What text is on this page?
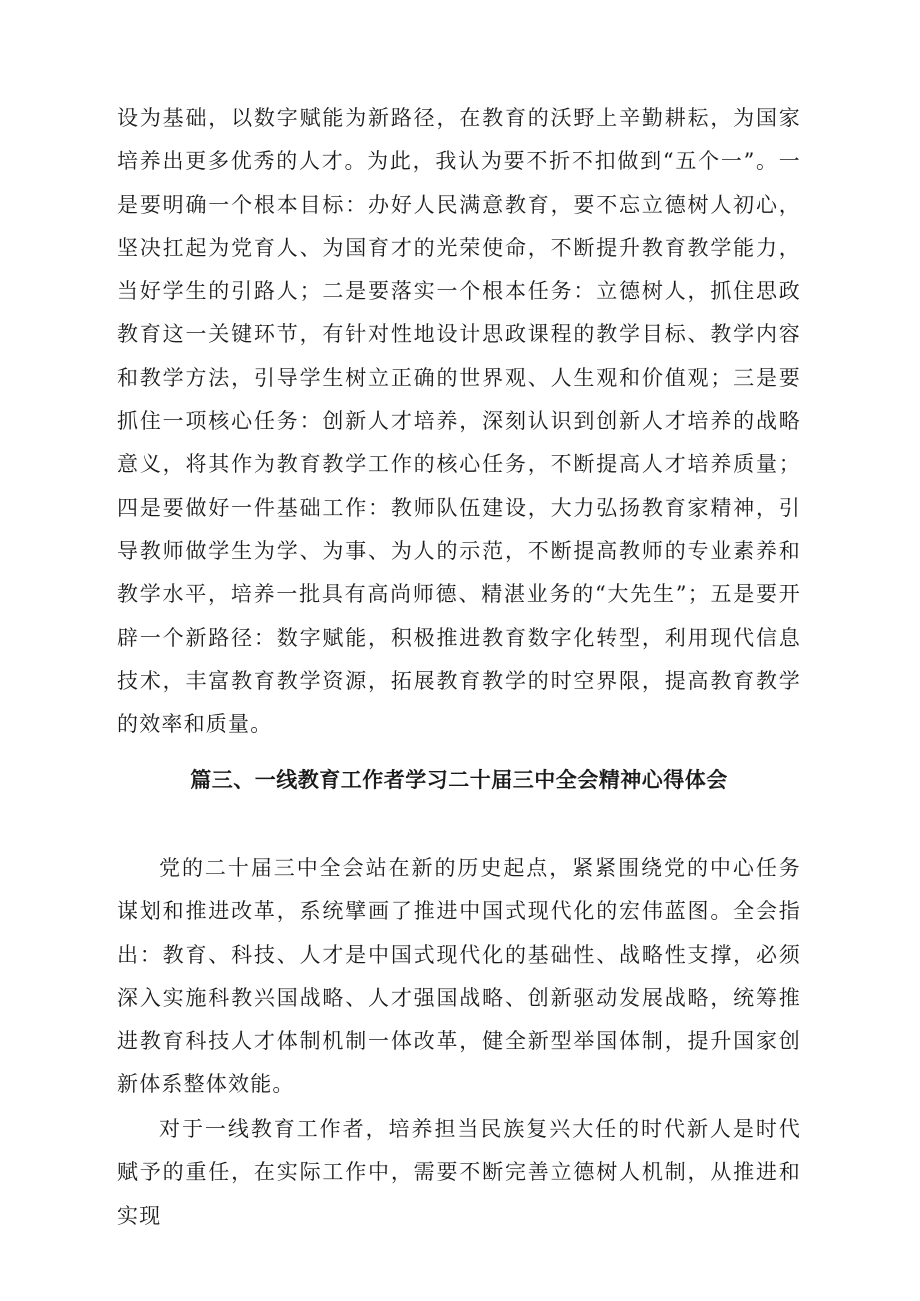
设为基础，以数字赋能为新路径，在教育的沃野上辛勤耕耘，为国家培养出更多优秀的人才。为此，我认为要不折不扣做到“五个一”。一是要明确一个根本目标：办好人民满意教育，要不忘立德树人初心，坚决扛起为党育人、为国育才的光荣使命，不断提升教育教学能力，当好学生的引路人；二是要落实一个根本任务：立德树人，抓住思政教育这一关键环节，有针对性地设计思政课程的教学目标、教学内容和教学方法，引导学生树立正确的世界观、人生观和价值观；三是要抓住一项核心任务：创新人才培养，深刻认识到创新人才培养的战略意义，将其作为教育教学工作的核心任务，不断提高人才培养质量；四是要做好一件基础工作：教师队伍建设，大力弘扬教育家精神，引导教师做学生为学、为事、为人的示范，不断提高教师的专业素养和教学水平，培养一批具有高尚师德、精湛业务的“大先生”；五是要开辟一个新路径：数字赋能，积极推进教育数字化转型，利用现代信息技术，丰富教育教学资源，拓展教育教学的时空界限，提高教育教学的效率和质量。

篇三、一线教育工作者学习二十届三中全会精神心得体会

党的二十届三中全会站在新的历史起点，紧紧围绕党的中心任务谋划和推进改革，系统擘画了推进中国式现代化的宏伟蓝图。全会指出：教育、科技、人才是中国式现代化的基础性、战略性支撑，必须深入实施科教兴国战略、人才强国战略、创新驱动发展战略，统筹推进教育科技人才体制机制一体改革，健全新型举国体制，提升国家创新体系整体效能。

对于一线教育工作者，培养担当民族复兴大任的时代新人是时代赋予的重任，在实际工作中，需要不断完善立德树人机制，从推进和实现
